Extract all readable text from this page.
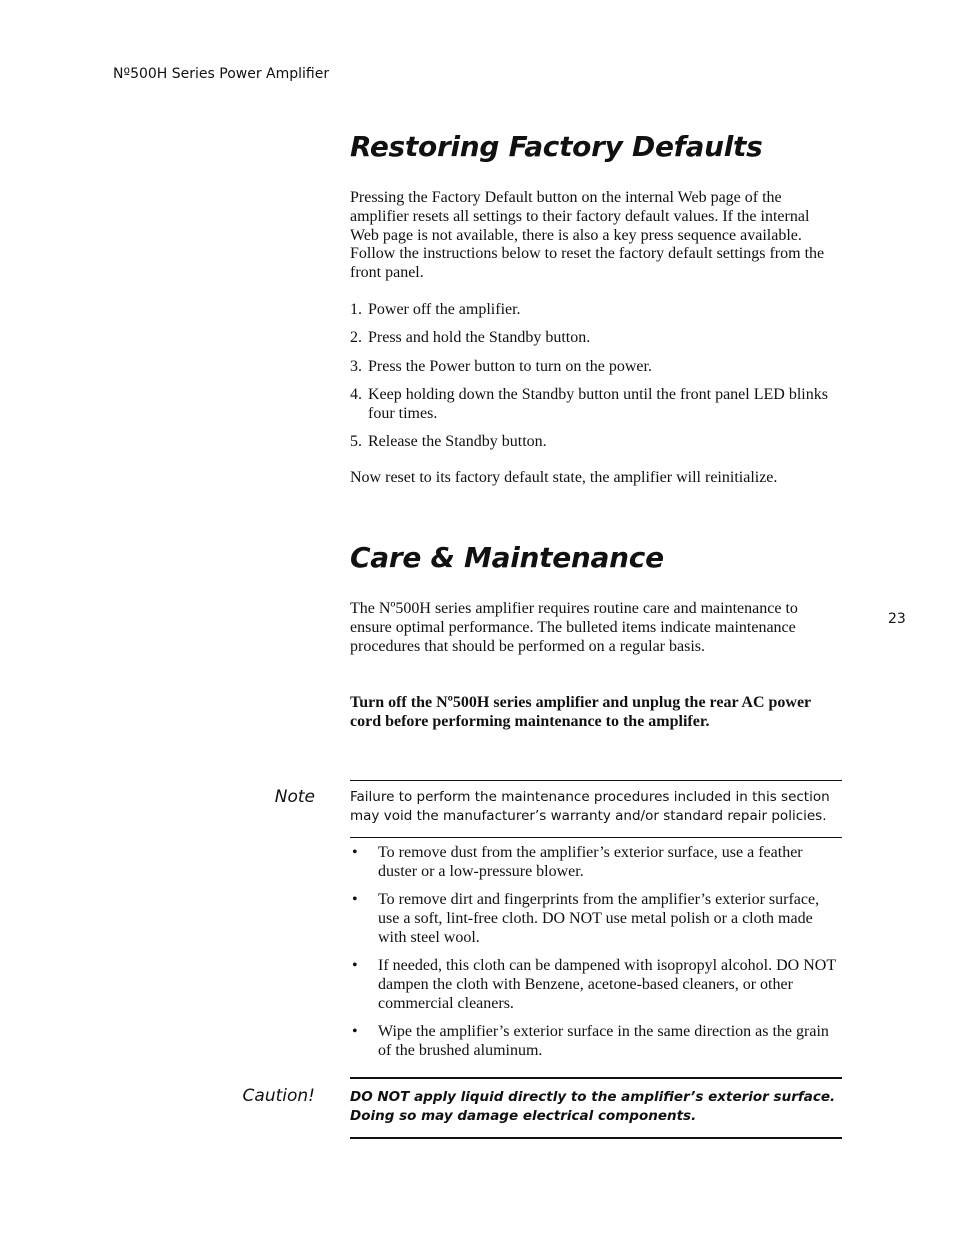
Nº500H Series Power Amplifier
23
Restoring Factory Defaults

Pressing the Factory Default button on the internal Web page of the amplifier resets all settings to their factory default values. If the internal Web page is not available, there is also a key press sequence available. Follow the instructions below to reset the factory default settings from the front panel.

1. Power off the amplifier.
2. Press and hold the Standby button.
3. Press the Power button to turn on the power.
4. Keep holding down the Standby button until the front panel LED blinks four times.
5. Release the Standby button.

Now reset to its factory default state, the amplifier will reinitialize.

Care & Maintenance

The Nº500H series amplifier requires routine care and maintenance to ensure optimal performance. The bulleted items indicate maintenance procedures that should be performed on a regular basis.

Turn off the Nº500H series amplifier and unplug the rear AC power cord before performing maintenance to the amplifer.

Note	Failure to perform the maintenance procedures included in this section may void the manufacturer’s warranty and/or standard repair policies.

• To remove dust from the amplifier’s exterior surface, use a feather duster or a low-pressure blower.
• To remove dirt and fingerprints from the amplifier’s exterior surface, use a soft, lint-free cloth. DO NOT use metal polish or a cloth made with steel wool.
• If needed, this cloth can be dampened with isopropyl alcohol. DO NOT dampen the cloth with Benzene, acetone-based cleaners, or other commercial cleaners.
• Wipe the amplifier’s exterior surface in the same direction as the grain of the brushed aluminum.
Caution!	DO NOT apply liquid directly to the amplifier’s exterior surface. Doing so may damage electrical components.
